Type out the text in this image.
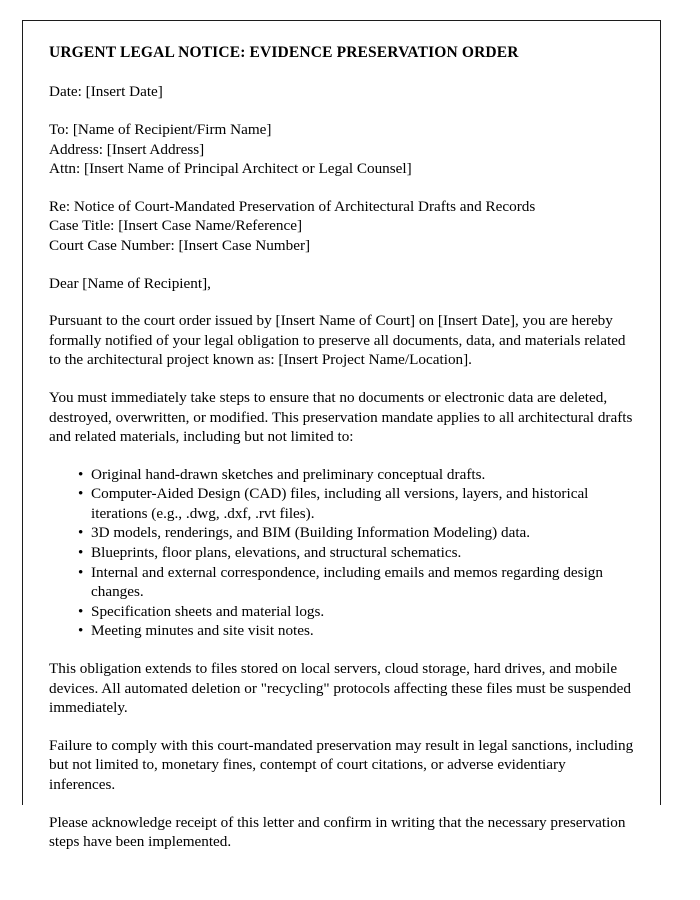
URGENT LEGAL NOTICE: EVIDENCE PRESERVATION ORDER

Date: [Insert Date]

To: [Name of Recipient/Firm Name]
Address: [Insert Address]
Attn: [Insert Name of Principal Architect or Legal Counsel]
Re: Notice of Court-Mandated Preservation of Architectural Drafts and Records
Case Title: [Insert Case Name/Reference]
Court Case Number: [Insert Case Number]

Dear [Name of Recipient],

Pursuant to the court order issued by [Insert Name of Court] on [Insert Date], you are hereby formally notified of your legal obligation to preserve all documents, data, and materials related to the architectural project known as: [Insert Project Name/Location].

You must immediately take steps to ensure that no documents or electronic data are deleted, destroyed, overwritten, or modified. This preservation mandate applies to all architectural drafts and related materials, including but not limited to:

• Original hand-drawn sketches and preliminary conceptual drafts.
• Computer-Aided Design (CAD) files, including all versions, layers, and historical iterations (e.g., .dwg, .dxf, .rvt files).
• 3D models, renderings, and BIM (Building Information Modeling) data.
• Blueprints, floor plans, elevations, and structural schematics.
• Internal and external correspondence, including emails and memos regarding design changes.
• Specification sheets and material logs.
• Meeting minutes and site visit notes.

This obligation extends to files stored on local servers, cloud storage, hard drives, and mobile devices. All automated deletion or "recycling" protocols affecting these files must be suspended immediately.

Failure to comply with this court-mandated preservation may result in legal sanctions, including but not limited to, monetary fines, contempt of court citations, or adverse evidentiary inferences.

Please acknowledge receipt of this letter and confirm in writing that the necessary preservation steps have been implemented.
